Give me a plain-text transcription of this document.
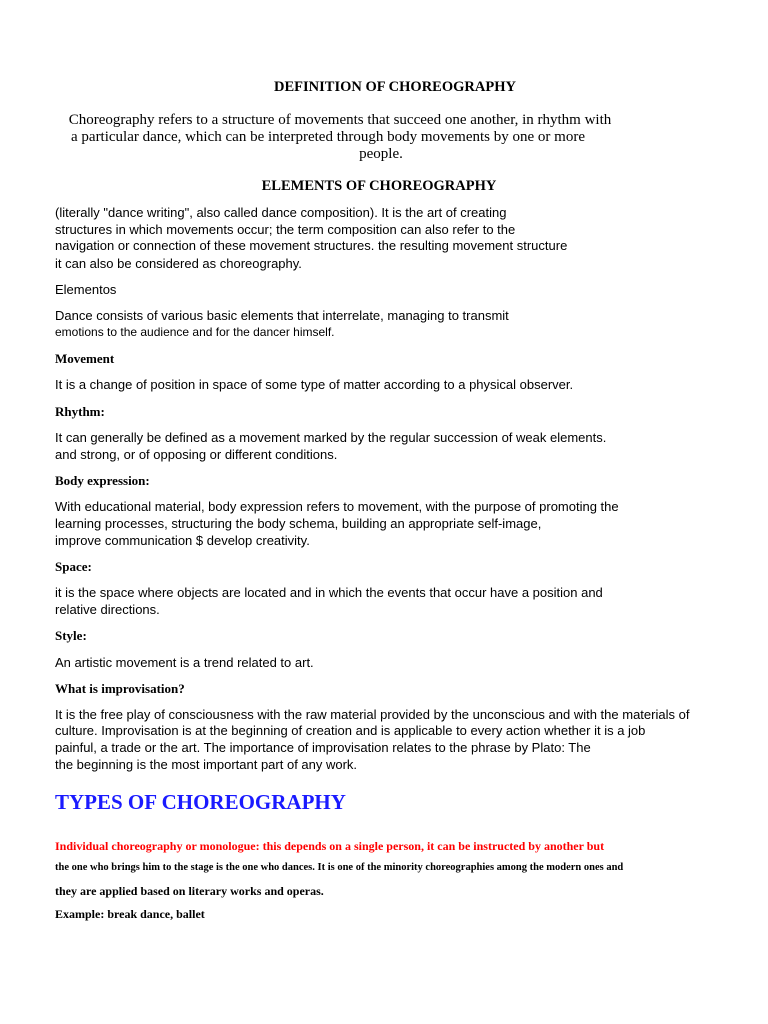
DEFINITION OF CHOREOGRAPHY
Choreography refers to a structure of movements that succeed one another, in rhythm with
a particular dance, which can be interpreted through body movements by one or more
people.
ELEMENTS OF CHOREOGRAPHY
(literally "dance writing", also called dance composition). It is the art of creating
structures in which movements occur; the term composition can also refer to the
navigation or connection of these movement structures. the resulting movement structure
it can also be considered as choreography.
Elementos
Dance consists of various basic elements that interrelate, managing to transmit
emotions to the audience and for the dancer himself.
Movement
It is a change of position in space of some type of matter according to a physical observer.
Rhythm:
It can generally be defined as a movement marked by the regular succession of weak elements.
and strong, or of opposing or different conditions.
Body expression:
With educational material, body expression refers to movement, with the purpose of promoting the
learning processes, structuring the body schema, building an appropriate self-image,
improve communication $ develop creativity.
Space:
it is the space where objects are located and in which the events that occur have a position and
relative directions.
Style:
An artistic movement is a trend related to art.
What is improvisation?
It is the free play of consciousness with the raw material provided by the unconscious and with the materials of
culture. Improvisation is at the beginning of creation and is applicable to every action whether it is a job
painful, a trade or the art. The importance of improvisation relates to the phrase by Plato: The
the beginning is the most important part of any work.
TYPES OF CHOREOGRAPHY
Individual choreography or monologue: this depends on a single person, it can be instructed by another but
the one who brings him to the stage is the one who dances. It is one of the minority choreographies among the modern ones and
they are applied based on literary works and operas.
Example: break dance, ballet
